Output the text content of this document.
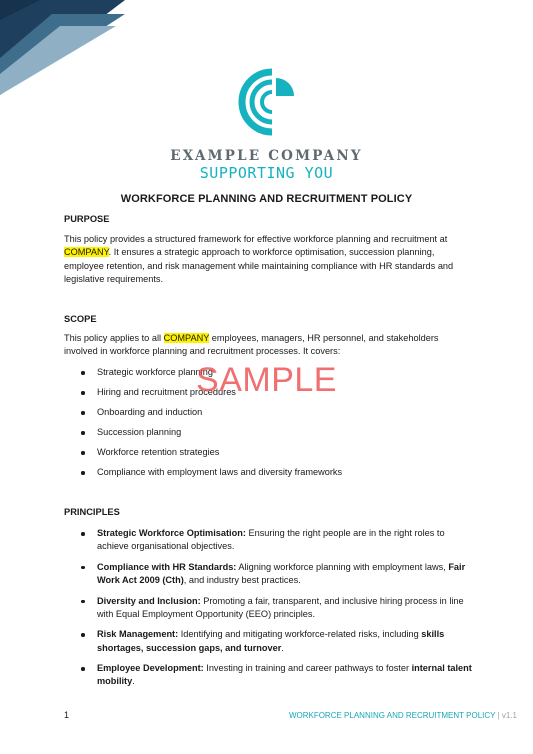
EXAMPLE COMPANY
SUPPORTING YOU
WORKFORCE PLANNING AND RECRUITMENT POLICY
PURPOSE

This policy provides a structured framework for effective workforce planning and recruitment at COMPANY. It ensures a strategic approach to workforce optimisation, succession planning, employee retention, and risk management while maintaining compliance with HR standards and legislative requirements.

SCOPE

This policy applies to all COMPANY employees, managers, HR personnel, and stakeholders involved in workforce planning and recruitment processes. It covers:

Strategic workforce planning
Hiring and recruitment procedures
Onboarding and induction
Succession planning
Workforce retention strategies
Compliance with employment laws and diversity frameworks
PRINCIPLES
Strategic Workforce Optimisation: Ensuring the right people are in the right roles to achieve organisational objectives.
Compliance with HR Standards: Aligning workforce planning with employment laws, Fair Work Act 2009 (Cth), and industry best practices.
Diversity and Inclusion: Promoting a fair, transparent, and inclusive hiring process in line with Equal Employment Opportunity (EEO) principles.
Risk Management: Identifying and mitigating workforce-related risks, including skills shortages, succession gaps, and turnover.
Employee Development: Investing in training and career pathways to foster internal talent mobility.
SAMPLE
1	WORKFORCE PLANNING AND RECRUITMENT POLICY | v1.1
